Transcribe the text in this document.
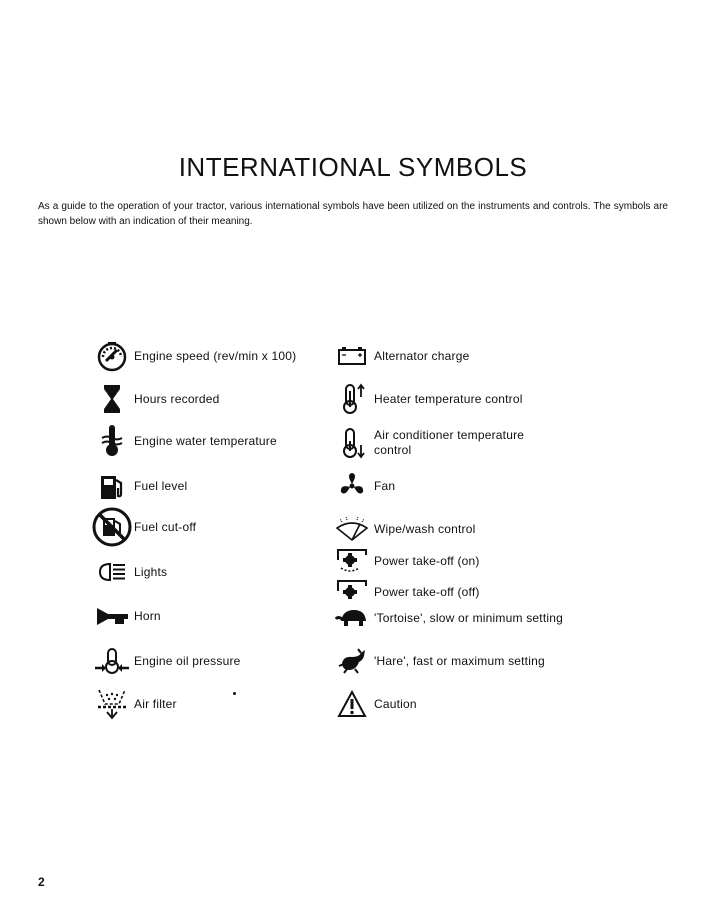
INTERNATIONAL SYMBOLS
As a guide to the operation of your tractor, various international symbols have been utilized on the instruments and controls. The symbols are shown below with an indication of their meaning.
Engine speed (rev/min x 100)
Hours recorded
Engine water temperature
Fuel level
Fuel cut-off
Lights
Horn
Engine oil pressure
Air filter
Alternator charge
Heater temperature control
Air conditioner temperature control
Fan
Wipe/wash control
Power take-off (on)
Power take-off (off)
'Tortoise', slow or minimum setting
'Hare', fast or maximum setting
Caution
2
